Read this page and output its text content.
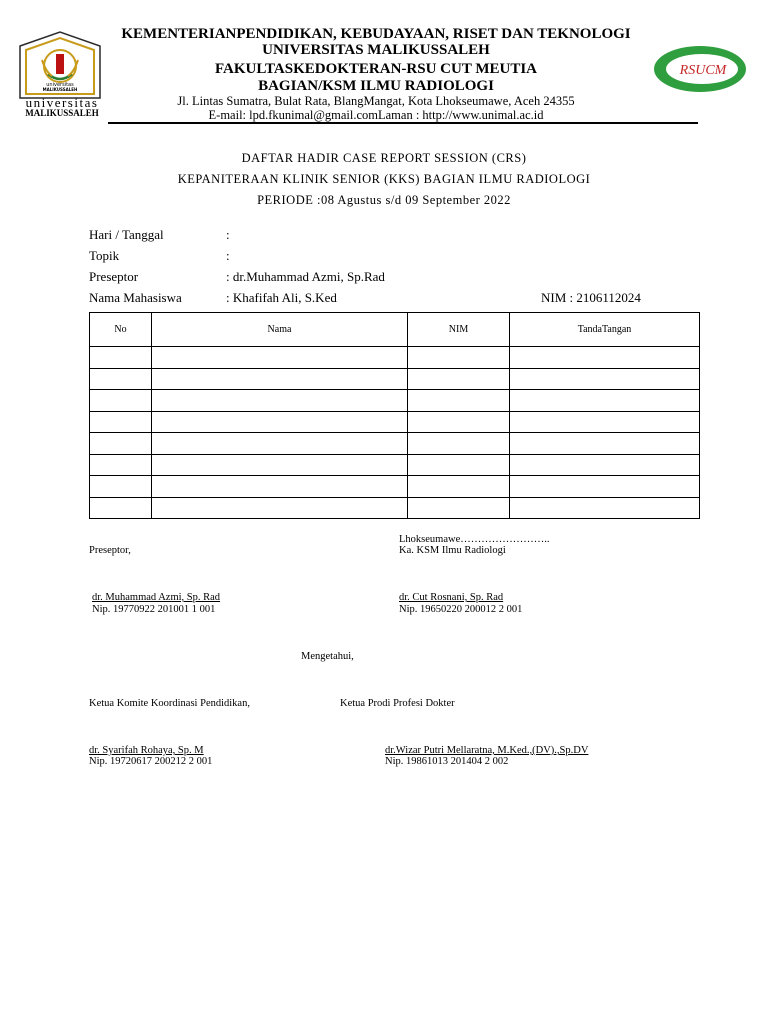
universitas
MALIKUSSALEH
universitas
MALIKUSSALEH
KEMENTERIANPENDIDIKAN, KEBUDAYAAN, RISET DAN TEKNOLOGI
UNIVERSITAS MALIKUSSALEH
FAKULTASKEDOKTERAN-RSU CUT MEUTIA
BAGIAN/KSM ILMU RADIOLOGI
Jl. Lintas Sumatra, Bulat Rata, BlangMangat, Kota Lhokseumawe, Aceh 24355
E-mail: lpd.fkunimal@gmail.comLaman : http://www.unimal.ac.id
RSUCM
DAFTAR HADIR CASE REPORT SESSION (CRS)
KEPANITERAAN KLINIK SENIOR (KKS) BAGIAN ILMU RADIOLOGI
PERIODE :08 Agustus s/d 09 September 2022
Hari / Tanggal	:
Topik	:
Preseptor	: dr.Muhammad Azmi, Sp.Rad
Nama Mahasiswa	: Khafifah Ali, S.Ked	NIM : 2106112024
No	Nama	NIM	TandaTangan

Lhokseumawe……………………..
Preseptor,	Ka. KSM Ilmu Radiologi
dr. Muhammad Azmi, Sp. Rad
Nip. 19770922 201001 1 001
dr. Cut Rosnani, Sp. Rad
Nip. 19650220 200012 2 001
Mengetahui,
Ketua Komite Koordinasi Pendidikan,	Ketua Prodi Profesi Dokter
dr. Syarifah Rohaya, Sp. M
Nip. 19720617 200212 2 001
dr.Wizar Putri Mellaratna, M.Ked.,(DV).,Sp.DV
Nip. 19861013 201404 2 002
